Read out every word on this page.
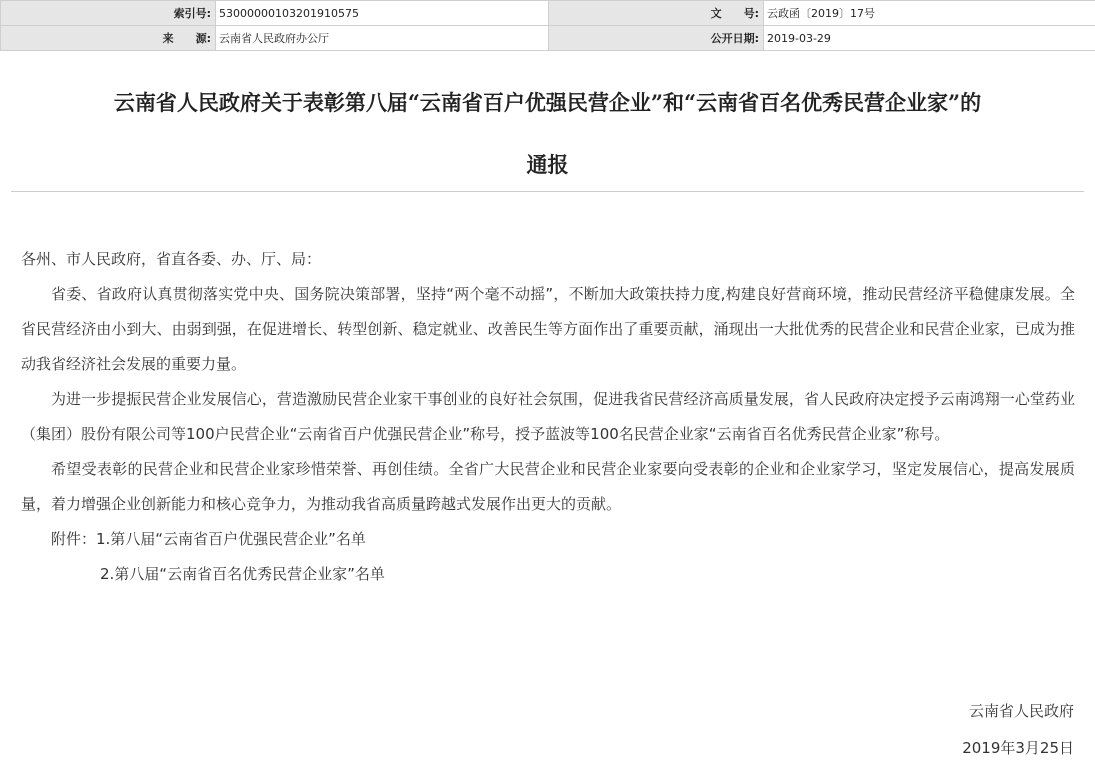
索引号:	5300000010320191057​5	文　　号:	云政函〔2019〕17号
来　　源:	云南省人民政府办公厅	公开日期:	2019-03-29
云南省人民政府关于表彰第八届“云南省百户优强民营企业”和“云南省百名优秀民营企业家”的
通报

各州、市人民政府，省直各委、办、厅、局：

省委、省政府认真贯彻落实党中央、国务院决策部署，坚持“两个毫不动摇”，不断加大政策扶持力度,构建良好营商环境，推动民营经济平稳健康发展。全省民营经济由小到大、由弱到强，在促进增长、转型创新、稳定就业、改善民生等方面作出了重要贡献，涌现出一大批优秀的民营企业和民营企业家，已成为推动我省经济社会发展的重要力量。

为进一步提振民营企业发展信心，营造激励民营企业家干事创业的良好社会氛围，促进我省民营经济高质量发展，省人民政府决定授予云南鸿翔一心堂药业（集团）股份有限公司等100户民营企业“云南省百户优强民营企业”称号，授予蓝波等100名民营企业家“云南省百名优秀民营企业家”称号。

希望受表彰的民营企业和民营企业家珍惜荣誉、再创佳绩。全省广大民营企业和民营企业家要向受表彰的企业和企业家学习，坚定发展信心，提高发展质量，着力增强企业创新能力和核心竞争力，为推动我省高质量跨越式发展作出更大的贡献。

附件：1.第八届“云南省百户优强民营企业”名单

2.第八届“云南省百名优秀民营企业家”名单

云南省人民政府
2019年3月25日
